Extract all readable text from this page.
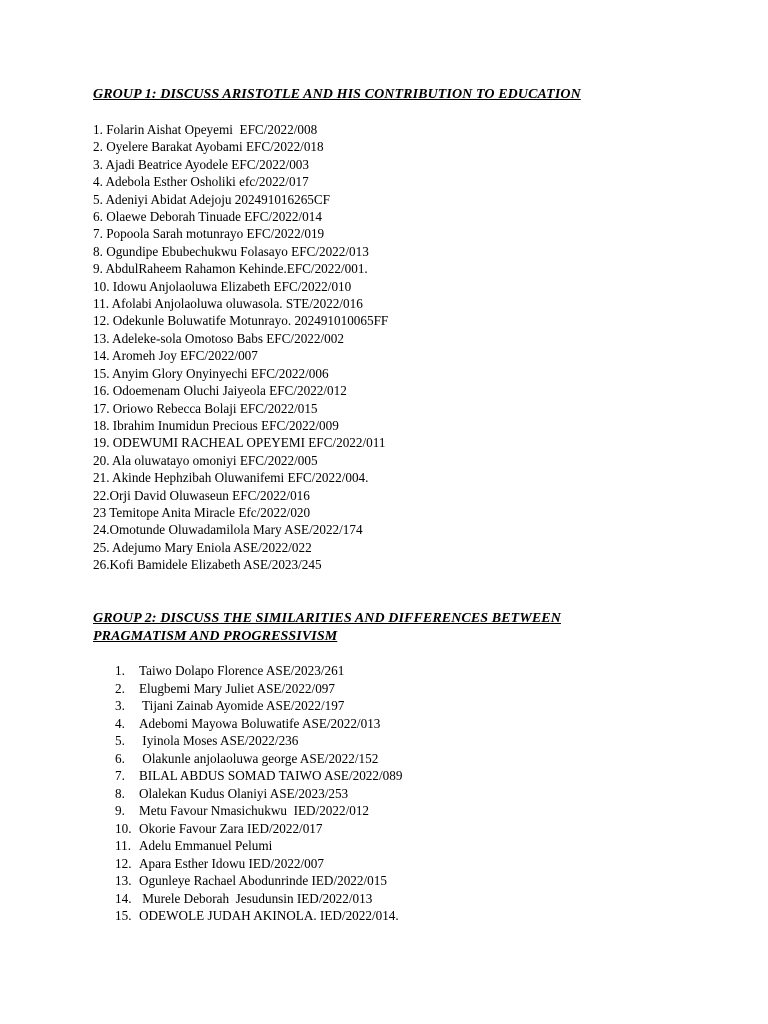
GROUP 1: DISCUSS ARISTOTLE AND HIS CONTRIBUTION TO EDUCATION
1. Folarin Aishat Opeyemi  EFC/2022/008
2. Oyelere Barakat Ayobami EFC/2022/018
3. Ajadi Beatrice Ayodele EFC/2022/003
4. Adebola Esther Osholiki efc/2022/017
5. Adeniyi Abidat Adejoju 202491016265CF
6. Olaewe Deborah Tinuade EFC/2022/014
7. Popoola Sarah motunrayo EFC/2022/019
8. Ogundipe Ebubechukwu Folasayo EFC/2022/013
9. AbdulRaheem Rahamon Kehinde.EFC/2022/001.
10. Idowu Anjolaoluwa Elizabeth EFC/2022/010
11. Afolabi Anjolaoluwa oluwasola. STE/2022/016
12. Odekunle Boluwatife Motunrayo. 202491010065FF
13. Adeleke-sola Omotoso Babs EFC/2022/002
14. Aromeh Joy EFC/2022/007
15. Anyim Glory Onyinyechi EFC/2022/006
16. Odoemenam Oluchi Jaiyeola EFC/2022/012
17. Oriowo Rebecca Bolaji EFC/2022/015
18. Ibrahim Inumidun Precious EFC/2022/009
19. ODEWUMI RACHEAL OPEYEMI EFC/2022/011
20. Ala oluwatayo omoniyi EFC/2022/005
21. Akinde Hephzibah Oluwanifemi EFC/2022/004.
22.Orji David Oluwaseun EFC/2022/016
23 Temitope Anita Miracle Efc/2022/020
24.Omotunde Oluwadamilola Mary ASE/2022/174
25. Adejumo Mary Eniola ASE/2022/022
26.Kofi Bamidele Elizabeth ASE/2023/245
GROUP 2: DISCUSS THE SIMILARITIES AND DIFFERENCES BETWEEN
PRAGMATISM AND PROGRESSIVISM
1.	Taiwo Dolapo Florence ASE/2023/261
2.	Elugbemi Mary Juliet ASE/2022/097
3.	Tijani Zainab Ayomide ASE/2022/197
4.	Adebomi Mayowa Boluwatife ASE/2022/013
5.	Iyinola Moses ASE/2022/236
6.	Olakunle anjolaoluwa george ASE/2022/152
7.	BILAL ABDUS SOMAD TAIWO ASE/2022/089
8.	Olalekan Kudus Olaniyi ASE/2023/253
9.	Metu Favour Nmasichukwu  IED/2022/012
10. Okorie Favour Zara IED/2022/017
11. Adelu Emmanuel Pelumi
12. Apara Esther Idowu IED/2022/007
13. Ogunleye Rachael Abodunrinde IED/2022/015
14. Murele Deborah  Jesudunsin IED/2022/013
15. ODEWOLE JUDAH AKINOLA. IED/2022/014.
